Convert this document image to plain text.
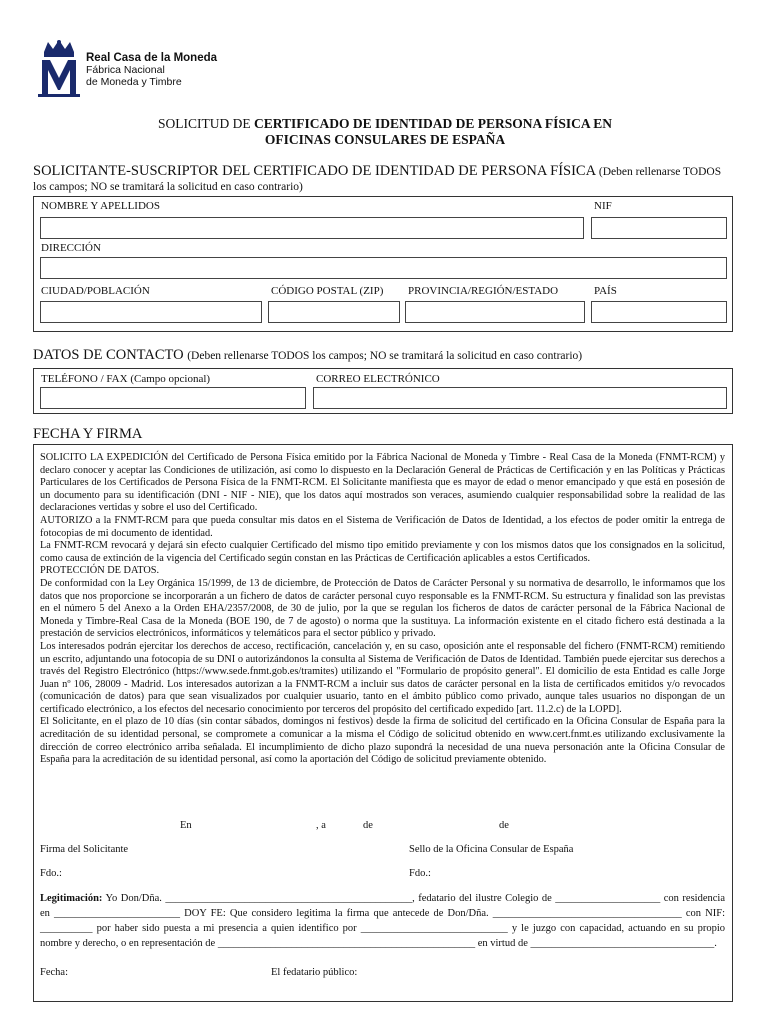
Real Casa de la Moneda
Fábrica Nacional
de Moneda y Timbre
SOLICITUD DE CERTIFICADO DE IDENTIDAD DE PERSONA FÍSICA EN
OFICINAS CONSULARES DE ESPAÑA
SOLICITANTE-SUSCRIPTOR DEL CERTIFICADO DE IDENTIDAD DE PERSONA FÍSICA (Deben rellenarse TODOS
los campos; NO se tramitará la solicitud en caso contrario)
NOMBRE Y APELLIDOS	NIF
DIRECCIÓN
CIUDAD/POBLACIÓN	CÓDIGO POSTAL (ZIP) PROVINCIA/REGIÓN/ESTADO	PAÍS
DATOS DE CONTACTO (Deben rellenarse TODOS los campos; NO se tramitará la solicitud en caso contrario)
TELÉFONO / FAX (Campo opcional)	CORREO ELECTRÓNICO
FECHA Y FIRMA

SOLICITO LA EXPEDICIÓN del Certificado de Persona Física emitido por la Fábrica Nacional de Moneda y Timbre - Real Casa de la Moneda (FNMT-RCM) y declaro conocer y aceptar las Condiciones de utilización, así como lo dispuesto en la Declaración General de Prácticas de Certificación y en las Políticas y Prácticas Particulares de los Certificados de Persona Física de la FNMT-RCM. El Solicitante manifiesta que es mayor de edad o menor emancipado y que está en posesión de un documento para su identificación (DNI - NIF - NIE), que los datos aquí mostrados son veraces, asumiendo cualquier responsabilidad sobre la realidad de las declaraciones vertidas y sobre el uso del Certificado.

AUTORIZO a la FNMT-RCM para que pueda consultar mis datos en el Sistema de Verificación de Datos de Identidad, a los efectos de poder omitir la entrega de fotocopias de mi documento de identidad.

La FNMT-RCM revocará y dejará sin efecto cualquier Certificado del mismo tipo emitido previamente y con los mismos datos que los consignados en la solicitud, como causa de extinción de la vigencia del Certificado según constan en las Prácticas de Certificación aplicables a estos Certificados.

PROTECCIÓN DE DATOS.

De conformidad con la Ley Orgánica 15/1999, de 13 de diciembre, de Protección de Datos de Carácter Personal y su normativa de desarrollo, le informamos que los datos que nos proporcione se incorporarán a un fichero de datos de carácter personal cuyo responsable es la FNMT-RCM. Su estructura y finalidad son las previstas en el número 5 del Anexo a la Orden EHA/2357/2008, de 30 de julio, por la que se regulan los ficheros de datos de carácter personal de la Fábrica Nacional de Moneda y Timbre-Real Casa de la Moneda (BOE 190, de 7 de agosto) o norma que la sustituya. La información existente en el citado fichero está destinada a la prestación de servicios electrónicos, informáticos y telemáticos para el sector público y privado.

Los interesados podrán ejercitar los derechos de acceso, rectificación, cancelación y, en su caso, oposición ante el responsable del fichero (FNMT-RCM) remitiendo un escrito, adjuntando una fotocopia de su DNI o autorizándonos la consulta al Sistema de Verificación de Datos de Identidad. También puede ejercitar sus derechos a través del Registro Electrónico (https://www.sede.fnmt.gob.es/tramites) utilizando el "Formulario de propósito general". El domicilio de esta Entidad es calle Jorge Juan nº 106, 28009 - Madrid. Los interesados autorizan a la FNMT-RCM a incluir sus datos de carácter personal en la lista de certificados emitidos y/o revocados (comunicación de datos) para que sean visualizados por cualquier usuario, tanto en el ámbito público como privado, aunque tales usuarios no dispongan de un certificado electrónico, a los efectos del necesario conocimiento por terceros del propósito del certificado expedido [art. 11.2.c) de la LOPD].

El Solicitante, en el plazo de 10 días (sin contar sábados, domingos ni festivos) desde la firma de solicitud del certificado en la Oficina Consular de España para la acreditación de su identidad personal, se compromete a comunicar a la misma el Código de solicitud obtenido en www.cert.fnmt.es utilizando exclusivamente la dirección de correo electrónico arriba señalada. El incumplimiento de dicho plazo supondrá la necesidad de una nueva personación ante la Oficina Consular de España para la acreditación de su identidad personal, así como la aportación del Código de solicitud previamente obtenido.

En	, a	de	de
Firma del Solicitante	Sello de la Oficina Consular de España
Fdo.:	Fdo.:
Legitimación: Yo Don/Dña. _______________________________________________, fedatario del ilustre Colegio de ____________________ con residencia en ________________________ DOY FE: Que considero legitima la firma que antecede de Don/Dña. ____________________________________ con NIF: __________ por haber sido puesta a mi presencia a quien identifico por ____________________________ y le juzgo con capacidad, actuando en su propio nombre y derecho, o en representación de _________________________________________________ en virtud de ___________________________________.
Fecha:	El fedatario público:
